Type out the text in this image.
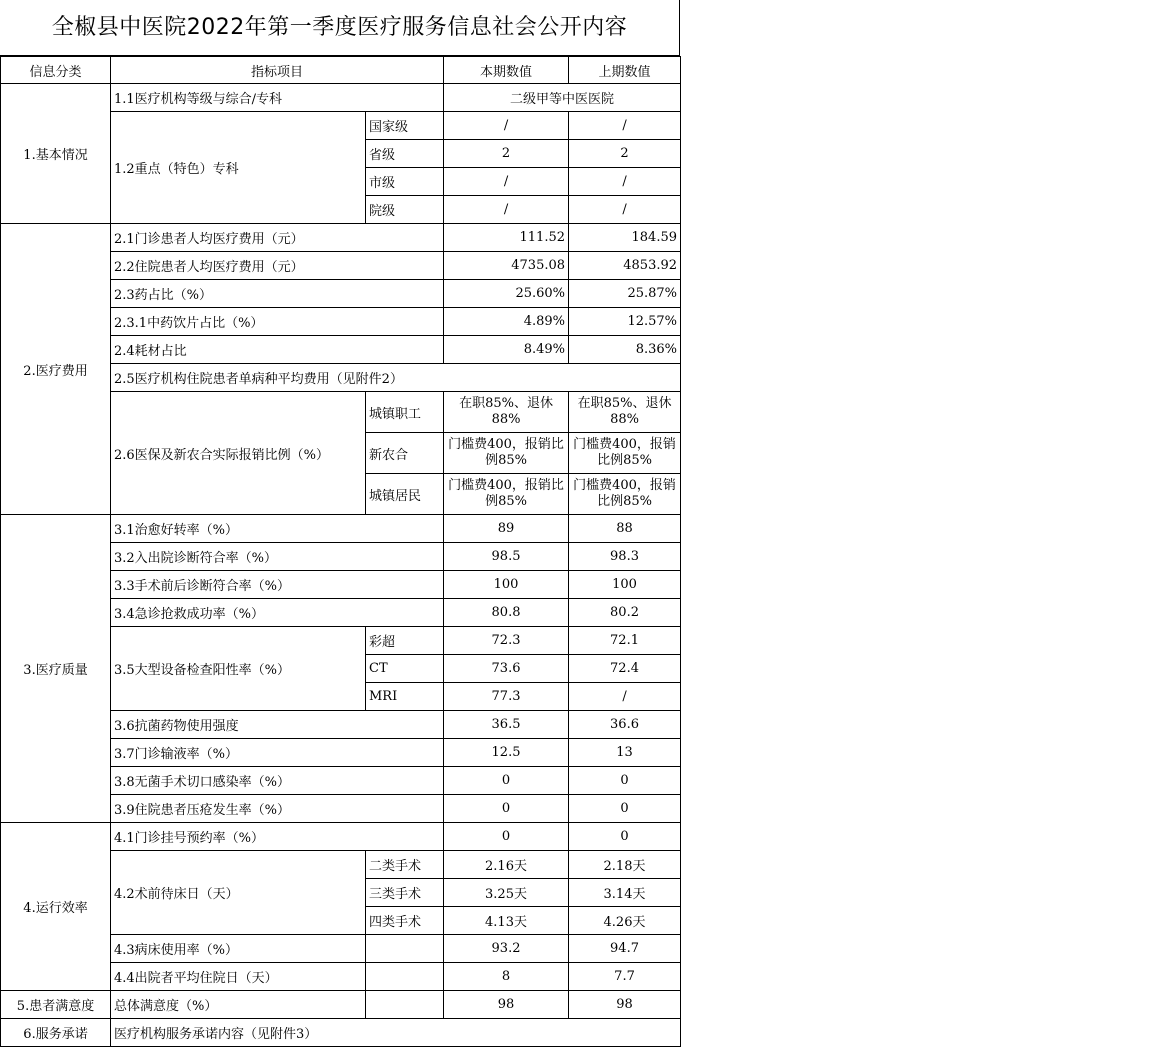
全椒县中医院2022年第一季度医疗服务信息社会公开内容
信息分类	指标项目		本期数值	上期数值
1.基本情况	1.1医疗机构等级与综合/专科		二级甲等中医医院	
	1.2重点（特色）专科	国家级	/	/
		省级	2	2
		市级	/	/
		院级	/	/
2.医疗费用	2.1门诊患者人均医疗费用（元）		111.52	184.59
	2.2住院患者人均医疗费用（元）		4735.08	4853.92
	2.3药占比（%）		25.60%	25.87%
	2.3.1中药饮片占比（%）		4.89%	12.57%
	2.4耗材占比		8.49%	8.36%
	2.5医疗机构住院患者单病种平均费用（见附件2）			
	2.6医保及新农合实际报销比例（%）	城镇职工	在职85%、退休88%	在职85%、退休88%
		新农合	门槛费400，报销比例85%	门槛费400，报销比例85%
		城镇居民	门槛费400，报销比例85%	门槛费400，报销比例85%
3.医疗质量	3.1治愈好转率（%）		89	88
	3.2入出院诊断符合率（%）		98.5	98.3
	3.3手术前后诊断符合率（%）		100	100
	3.4急诊抢救成功率（%）		80.8	80.2
	3.5大型设备检查阳性率（%）	彩超	72.3	72.1
		CT	73.6	72.4
		MRI	77.3	/
	3.6抗菌药物使用强度		36.5	36.6
	3.7门诊输液率（%）		12.5	13
	3.8无菌手术切口感染率（%）		0	0
	3.9住院患者压疮发生率（%）		0	0
4.运行效率	4.1门诊挂号预约率（%）		0	0
	4.2术前待床日（天）	二类手术	2.16天	2.18天
		三类手术	3.25天	3.14天
		四类手术	4.13天	4.26天
	4.3病床使用率（%）		93.2	94.7
	4.4出院者平均住院日（天）		8	7.7
5.患者满意度	总体满意度（%）		98	98
6.服务承诺	医疗机构服务承诺内容（见附件3）			
